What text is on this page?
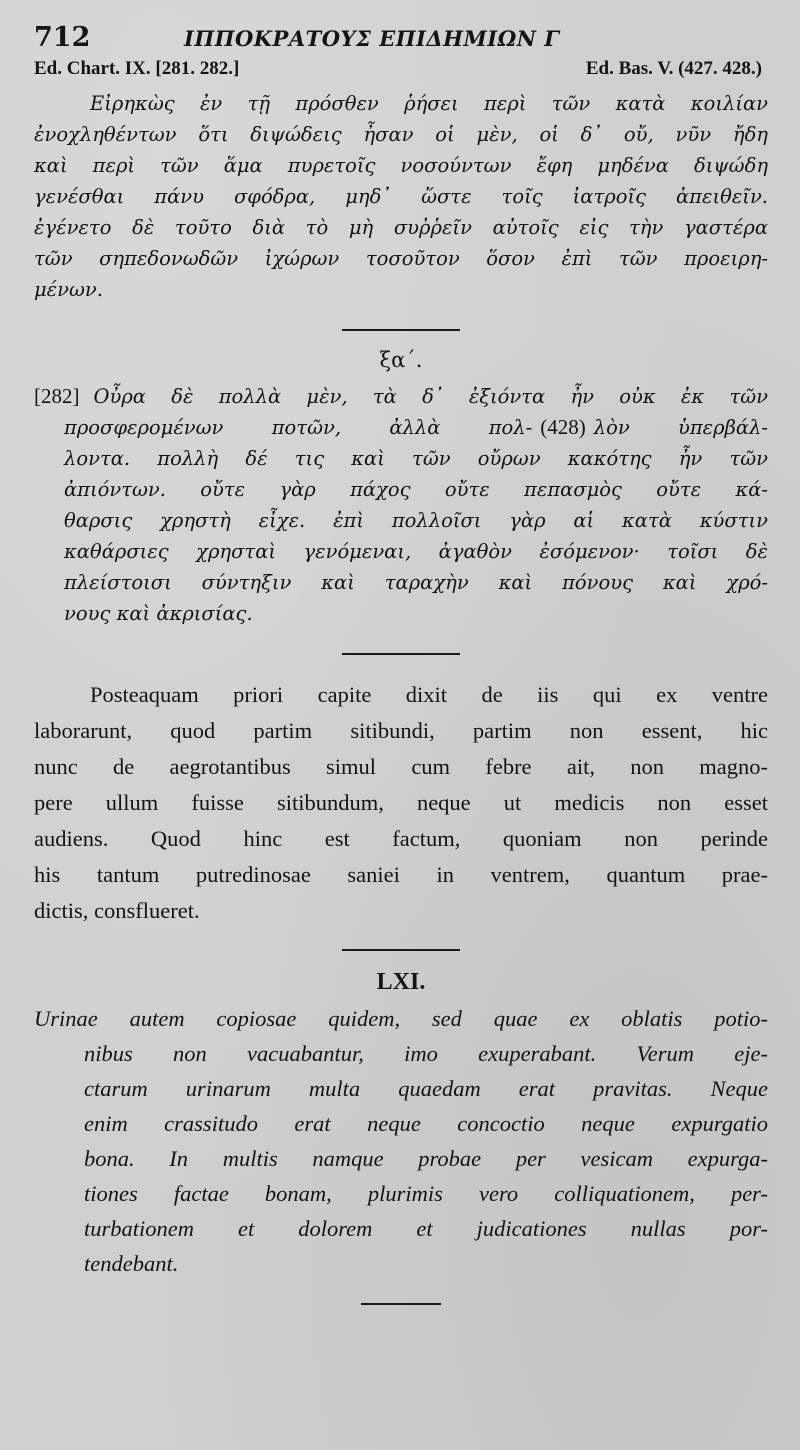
712	ΙΠΠΟΚΡΑΤΟΥΣ ΕΠΙΔΗΜΙΩΝ Γ
Ed. Chart. IX. [281. 282.]	Ed. Bas. V. (427. 428.)
Εἰρηκὼς ἐν τῇ πρόσθεν ῥήσει περὶ τῶν κατὰ κοιλίαν
ἐνοχληθέντων ὅτι διψώδεις ἦσαν οἱ μὲν, οἱ δ᾽ οὔ, νῦν ἤδη
καὶ περὶ τῶν ἅμα πυρετοῖς νοσούντων ἔφη μηδένα διψώδη
γενέσθαι πάνυ σφόδρα, μηδ᾽ ὥστε τοῖς ἰατροῖς ἀπειθεῖν.
ἐγένετο δὲ τοῦτο διὰ τὸ μὴ συῤῥεῖν αὐτοῖς εἰς τὴν γαστέρα
τῶν σηπεδονωδῶν ἰχώρων τοσοῦτον ὅσον ἐπὶ τῶν προειρη-
μένων.
ξα΄.
[282] Οὖρα δὲ πολλὰ μὲν, τὰ δ᾽ ἐξιόντα ἦν οὐκ ἐκ τῶν
προσφερομένων ποτῶν, ἀλλὰ πολ- (428) λὸν ὑπερβάλ-
λοντα. πολλὴ δέ τις καὶ τῶν οὔρων κακότης ἦν τῶν
ἀπιόντων. οὔτε γὰρ πάχος οὔτε πεπασμὸς οὔτε κά-
θαρσις χρηστὴ εἶχε. ἐπὶ πολλοῖσι γὰρ αἱ κατὰ κύστιν
καθάρσιες χρησταὶ γενόμεναι, ἀγαθὸν ἐσόμενον· τοῖσι δὲ
πλείστοισι σύντηξιν καὶ ταραχὴν καὶ πόνους καὶ χρό-
νους καὶ ἀκρισίας.
Posteaquam priori capite dixit de iis qui ex ventre
laborarunt, quod partim sitibundi, partim non essent, hic
nunc de aegrotantibus simul cum febre ait, non magno-
pere ullum fuisse sitibundum, neque ut medicis non esset
audiens. Quod hinc est factum, quoniam non perinde
his tantum putredinosae saniei in ventrem, quantum prae-
dictis, consflueret.
LXI.
Urinae autem copiosae quidem, sed quae ex oblatis potio-
nibus non vacuabantur, imo exuperabant. Verum eje-
ctarum urinarum multa quaedam erat pravitas. Neque
enim crassitudo erat neque concoctio neque expurgatio
bona. In multis namque probae per vesicam expurga-
tiones factae bonam, plurimis vero colliquationem, per-
turbationem et dolorem et judicationes nullas por-
tendebant.
